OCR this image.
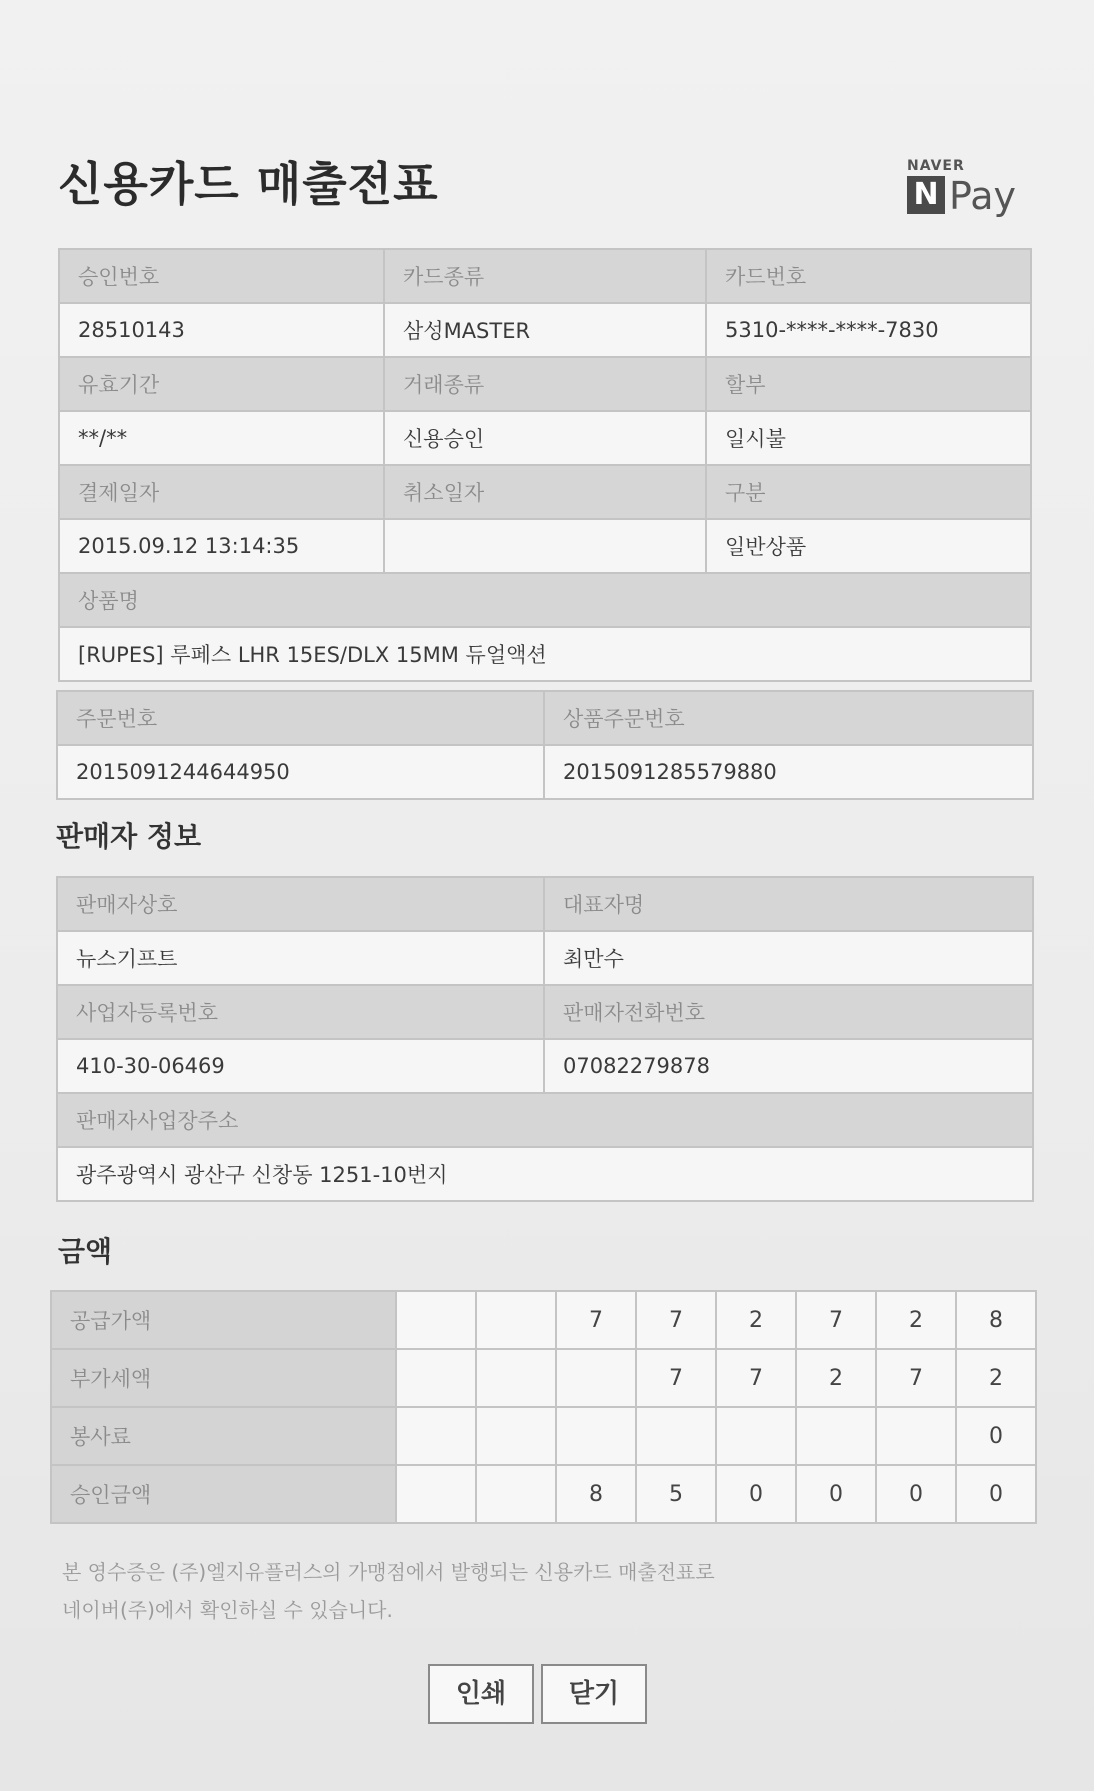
신용카드 매출전표	NAVER
N Pay
승인번호	카드종류	카드번호
28510143	삼성MASTER	5310-****-****-7830
유효기간	거래종류	할부
**/**	신용승인	일시불
결제일자	취소일자	구분
2015.09.12 13:14:35		일반상품
상품명		
[RUPES] 루페스 LHR 15ES/DLX 15MM 듀얼액션		
주문번호	상품주문번호
2015091244644950	2015091285579880
판매자 정보
판매자상호	대표자명
뉴스기프트	최만수
사업자등록번호	판매자전화번호
410-30-06469	07082279878
판매자사업장주소	
광주광역시 광산구 신창동 1251-10번지	
금액
공급가액			7	7	2	7	2	8
부가세액				7	7	2	7	2
봉사료								0
승인금액			8	5	0	0	0	0
본 영수증은 (주)엘지유플러스의 가맹점에서 발행되는 신용카드 매출전표로
네이버(주)에서 확인하실 수 있습니다.
인쇄	닫기
